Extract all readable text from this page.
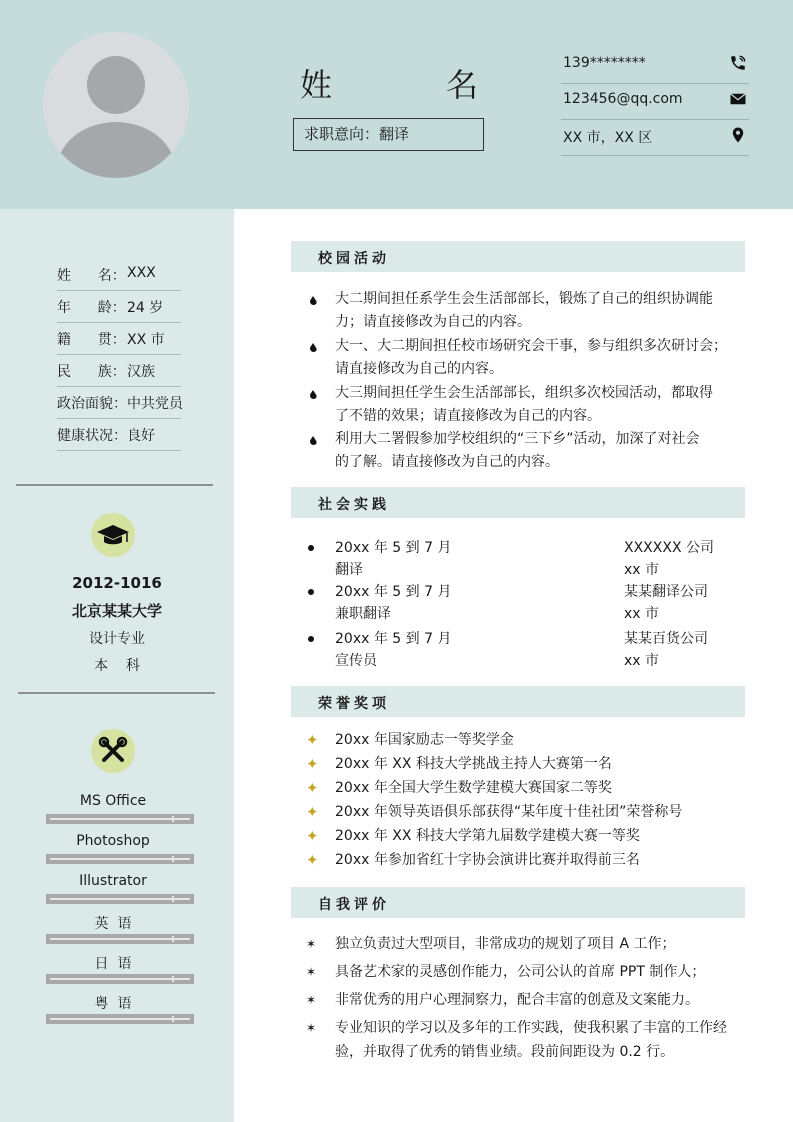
姓	名
求职意向：翻译
139********
123456@qq.com
XX 市，XX 区
姓      名： XXX
年      龄： 24 岁
籍      贯： XX 市
民      族： 汉族
政治面貌： 中共党员
健康状况： 良好
2012-1016
北京某某大学
设计专业
本    科
MS Office
Photoshop
Illustrator
英  语
日  语
粤  语
校园活动
大二期间担任系学生会生活部部长，锻炼了自己的组织协调能
力；请直接修改为自己的内容。
大一、大二期间担任校市场研究会干事，参与组织多次研讨会；
请直接修改为自己的内容。
大三期间担任学生会生活部部长，组织多次校园活动，都取得
了不错的效果；请直接修改为自己的内容。
利用大二署假参加学校组织的“三下乡”活动，加深了对社会
的了解。请直接修改为自己的内容。
社会实践
20xx 年 5 到 7 月
翻译
XXXXXX 公司
xx 市
20xx 年 5 到 7 月
兼职翻译
某某翻译公司
xx 市
20xx 年 5 到 7 月
宣传员
某某百货公司
xx 市
荣誉奖项
✦ 20xx 年国家励志一等奖学金
✦ 20xx 年 XX 科技大学挑战主持人大赛第一名
✦ 20xx 年全国大学生数学建模大赛国家二等奖
✦ 20xx 年领导英语俱乐部获得“某年度十佳社团”荣誉称号
✦ 20xx 年 XX 科技大学第九届数学建模大赛一等奖
✦ 20xx 年参加省红十字协会演讲比赛并取得前三名
自我评价
✶ 独立负责过大型项目，非常成功的规划了项目 A 工作；
✶ 具备艺术家的灵感创作能力，公司公认的首席 PPT 制作人；
✶ 非常优秀的用户心理洞察力，配合丰富的创意及文案能力。
✶ 专业知识的学习以及多年的工作实践，使我积累了丰富的工作经
验，并取得了优秀的销售业绩。段前间距设为 0.2 行。
